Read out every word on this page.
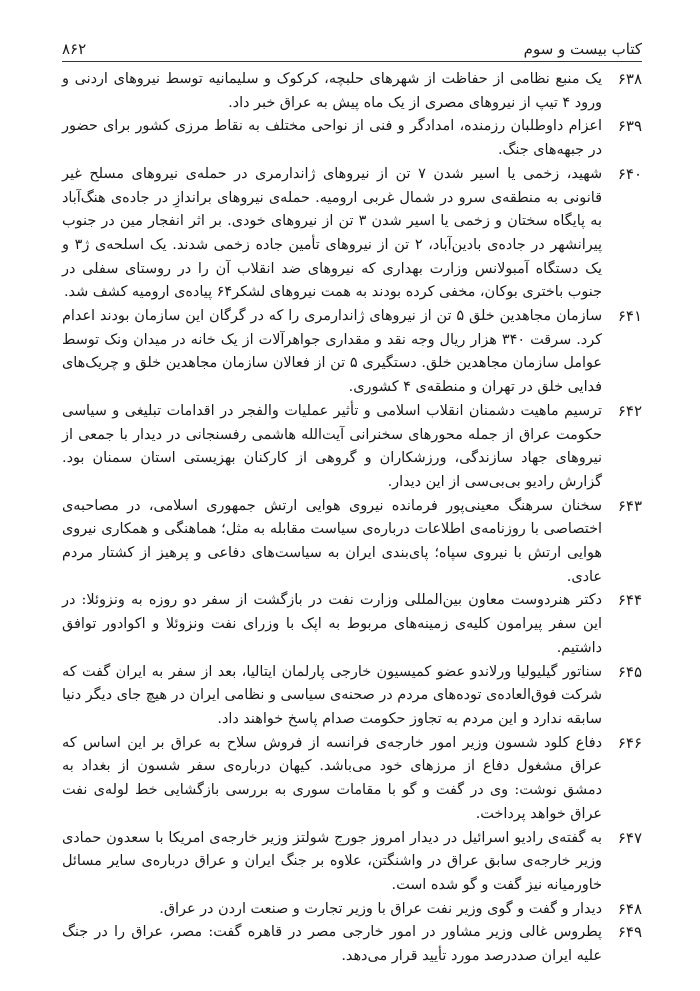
کتاب بیست و سوم
۸۶۲
۶۳۸
یک منبع نظامی از حفاظت از شهرهای حلبچه، کرکوک و سلیمانیه توسط نیروهای اردنی و ورود ۴ تیپ از نیروهای مصری از یک ماه پیش به عراق خبر داد.
۶۳۹
اعزام داوطلبان رزمنده، امدادگر و فنی از نواحی مختلف به نقاط مرزی کشور برای حضور در جبهه‌های جنگ.
۶۴۰
شهید، زخمی یا اسیر شدن ۷ تن از نیروهای ژاندارمری در حمله‌ی نیروهای مسلح غیر قانونی به منطقه‌ی سرو در شمال غربی ارومیه. حمله‌ی نیروهای براندازِ در جاده‌ی هنگ‌آباد به پایگاه سختان و زخمی یا اسیر شدن ۳ تن از نیروهای خودی. بر اثر انفجار مین در جنوب پیرانشهر در جاده‌ی بادین‌آباد، ۲ تن از نیروهای تأمین جاده زخمی شدند. یک اسلحه‌ی ژ۳ و یک دستگاه آمبولانس وزارت بهداری که نیروهای ضد انقلاب آن را در روستای سفلی در جنوب باختری بوکان، مخفی کرده بودند به همت نیروهای لشکر۶۴ پیاده‌ی ارومیه کشف شد.
۶۴۱
سازمان مجاهدین خلق ۵ تن از نیروهای ژاندارمری را که در گرگان این سازمان بودند اعدام کرد. سرقت ۳۴۰ هزار ریال وجه نقد و مقداری جواهرآلات از یک خانه در میدان ونک توسط عوامل سازمان مجاهدین خلق. دستگیری ۵ تن از فعالان سازمان مجاهدین خلق و چریک‌های فدایی خلق در تهران و منطقه‌ی ۴ کشوری.
۶۴۲
ترسیم ماهیت دشمنان انقلاب اسلامی و تأثیر عملیات والفجر در اقدامات تبلیغی و سیاسی حکومت عراق از جمله محورهای سخنرانی آیت‌الله هاشمی رفسنجانی در دیدار با جمعی از نیروهای جهاد سازندگی، ورزشکاران و گروهی از کارکنان بهزیستی استان سمنان بود. گزارش رادیو بی‌بی‌سی از این دیدار.
۶۴۳
سخنان سرهنگ معینی‌پور فرمانده نیروی هوایی ارتش جمهوری اسلامی، در مصاحبه‌ی اختصاصی با روزنامه‌ی اطلاعات درباره‌ی سیاست مقابله به مثل؛ هماهنگی و همکاری نیروی هوایی ارتش با نیروی سپاه؛ پای‌بندی ایران به سیاست‌های دفاعی و پرهیز از کشتار مردم عادی.
۶۴۴
دکتر هنردوست معاون بین‌المللی وزارت نفت در بازگشت از سفر دو روزه به ونزوئلا: در این سفر پیرامون کلیه‌ی زمینه‌های مربوط به اپک با وزرای نفت ونزوئلا و اکوادور توافق داشتیم.
۶۴۵
سناتور گیلیولیا ورلاندو عضو کمیسیون خارجی پارلمان ایتالیا، بعد از سفر به ایران گفت که شرکت فوق‌العاده‌ی توده‌های مردم در صحنه‌ی سیاسی و نظامی ایران در هیچ جای دیگر دنیا سابقه ندارد و این مردم به تجاوز حکومت صدام پاسخ خواهند داد.
۶۴۶
دفاع کلود شسون وزیر امور خارجه‌ی فرانسه از فروش سلاح به عراق بر این اساس که عراق مشغول دفاع از مرزهای خود می‌باشد. کیهان درباره‌ی سفر شسون از بغداد به دمشق نوشت: وی در گفت و گو با مقامات سوری به بررسی بازگشایی خط لوله‌ی نفت عراق خواهد پرداخت.
۶۴۷
به گفته‌ی رادیو اسرائیل در دیدار امروز جورج شولتز وزیر خارجه‌ی امریکا با سعدون حمادی وزیر خارجه‌ی سابق عراق در واشنگتن، علاوه بر جنگ ایران و عراق درباره‌ی سایر مسائل خاورمیانه نیز گفت و گو شده است.
۶۴۸
دیدار و گفت و گوی وزیر نفت عراق با وزیر تجارت و صنعت اردن در عراق.
۶۴۹
پطروس غالی وزیر مشاور در امور خارجی مصر در قاهره گفت: مصر، عراق را در جنگ علیه ایران صددرصد مورد تأیید قرار می‌دهد.
